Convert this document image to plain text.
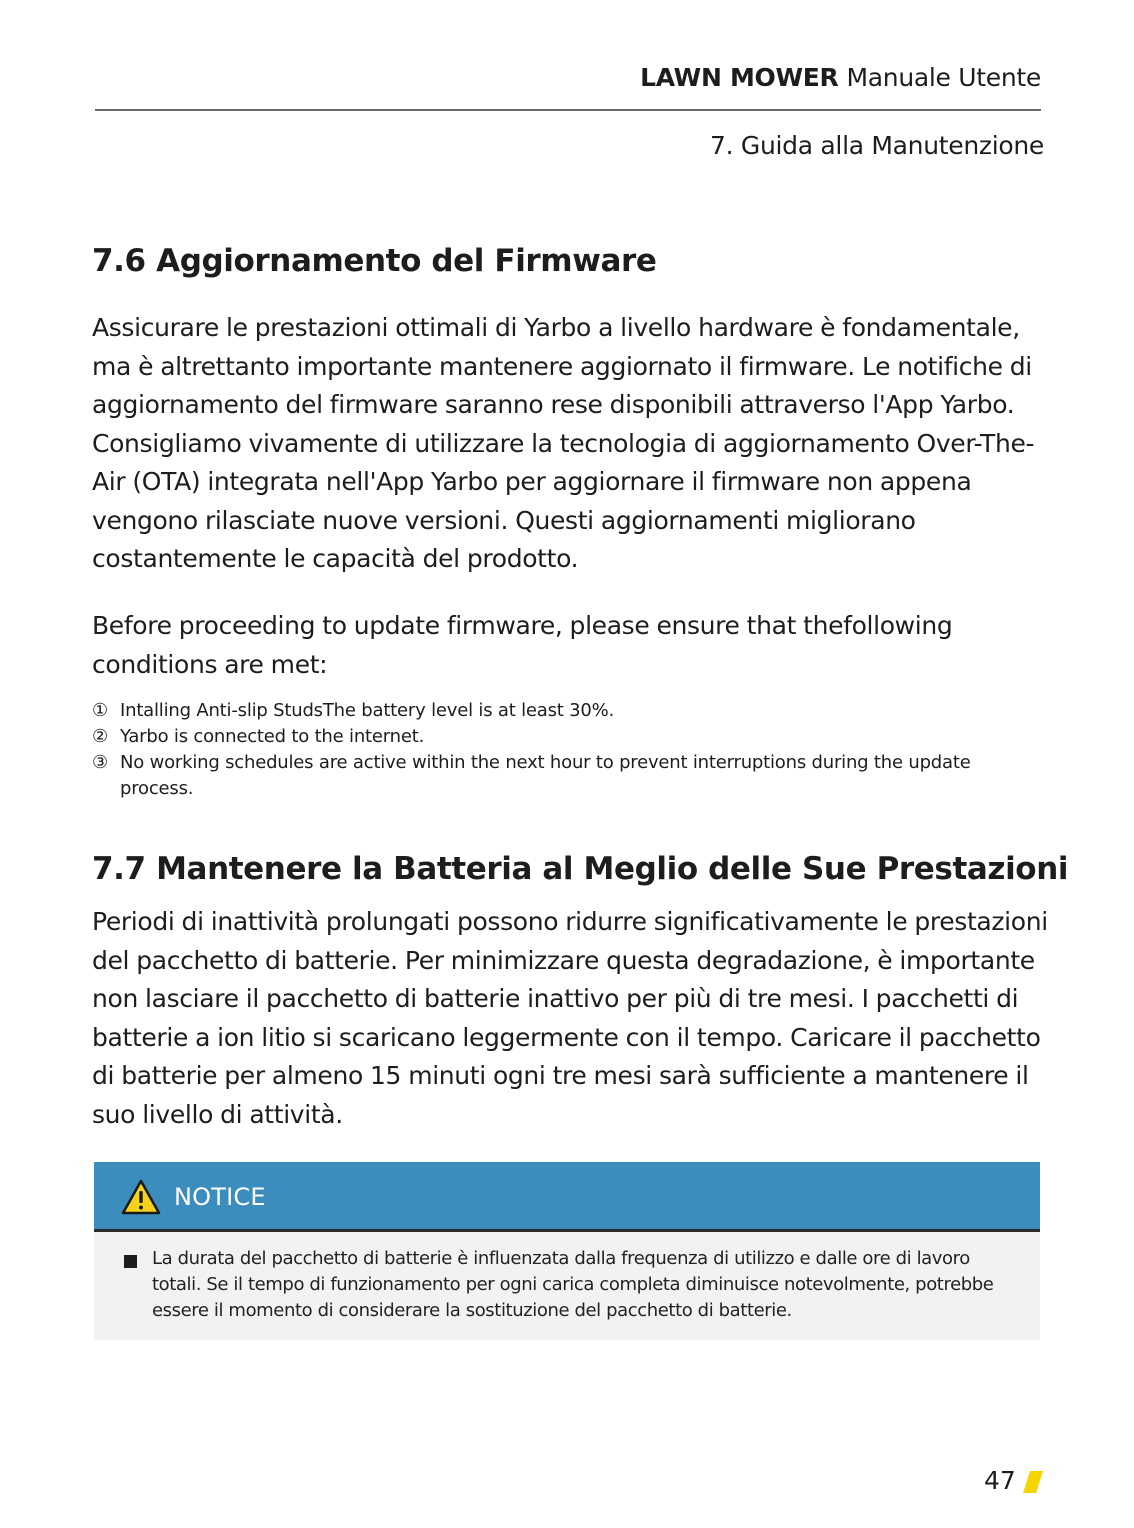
LAWN MOWER Manuale Utente
7. Guida alla Manutenzione
7.6 Aggiornamento del Firmware

Assicurare le prestazioni ottimali di Yarbo a livello hardware è fondamentale, ma è altrettanto importante mantenere aggiornato il firmware. Le notifiche di aggiornamento del firmware saranno rese disponibili attraverso l'App Yarbo. Consigliamo vivamente di utilizzare la tecnologia di aggiornamento Over-The-Air (OTA) integrata nell'App Yarbo per aggiornare il firmware non appena vengono rilasciate nuove versioni. Questi aggiornamenti migliorano costantemente le capacità del prodotto.

Before proceeding to update firmware, please ensure that thefollowing conditions are met:

① Intalling Anti-slip StudsThe battery level is at least 30%.
② Yarbo is connected to the internet.
③ No working schedules are active within the next hour to prevent interruptions during the update process.
7.7 Mantenere la Batteria al Meglio delle Sue Prestazioni

Periodi di inattività prolungati possono ridurre significativamente le prestazioni del pacchetto di batterie. Per minimizzare questa degradazione, è importante non lasciare il pacchetto di batterie inattivo per più di tre mesi. I pacchetti di batterie a ion litio si scaricano leggermente con il tempo. Caricare il pacchetto di batterie per almeno 15 minuti ogni tre mesi sarà sufficiente a mantenere il suo livello di attività.

NOTICE
La durata del pacchetto di batterie è influenzata dalla frequenza di utilizzo e dalle ore di lavoro totali. Se il tempo di funzionamento per ogni carica completa diminuisce notevolmente, potrebbe essere il momento di considerare la sostituzione del pacchetto di batterie.
47
